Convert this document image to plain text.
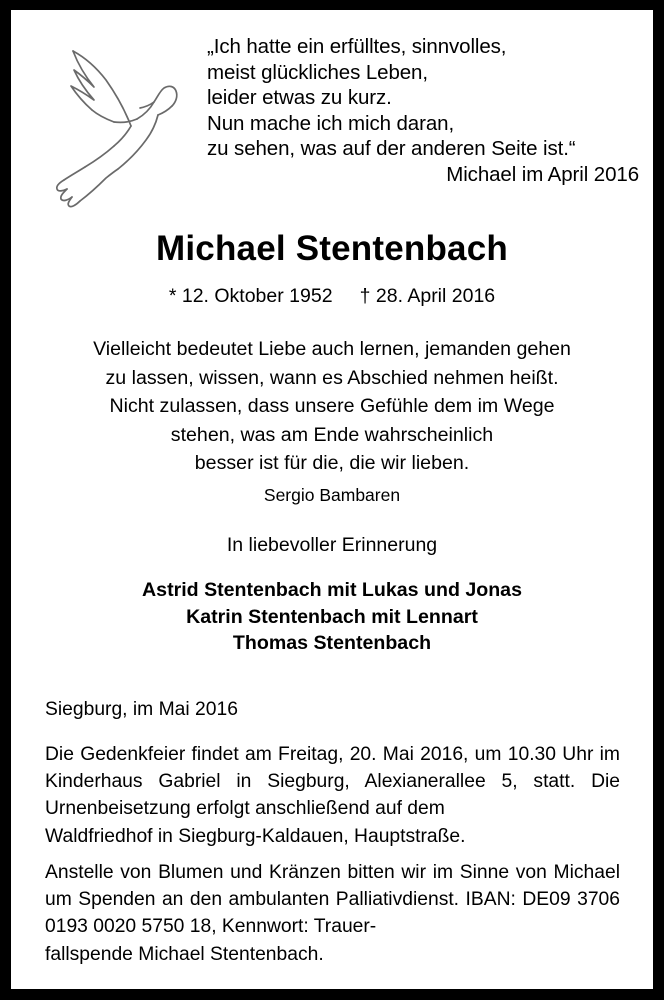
„Ich hatte ein erfülltes, sinnvolles,
meist glückliches Leben,
leider etwas zu kurz.
Nun mache ich mich daran,
zu sehen, was auf der anderen Seite ist.“
Michael im April 2016
Michael Stentenbach
* 12. Oktober 1952     † 28. April 2016
Vielleicht bedeutet Liebe auch lernen, jemanden gehen
zu lassen, wissen, wann es Abschied nehmen heißt.
Nicht zulassen, dass unsere Gefühle dem im Wege
stehen, was am Ende wahrscheinlich
besser ist für die, die wir lieben.
Sergio Bambaren
In liebevoller Erinnerung
Astrid Stentenbach mit Lukas und Jonas
Katrin Stentenbach mit Lennart
Thomas Stentenbach
Siegburg, im Mai 2016
Die Gedenkfeier findet am Freitag, 20. Mai 2016, um 10.30 Uhr im Kinderhaus Gabriel in Siegburg, Alexianerallee 5, statt. Die Urnenbeisetzung erfolgt anschließend auf dem
Waldfriedhof in Siegburg-Kaldauen, Hauptstraße.
Anstelle von Blumen und Kränzen bitten wir im Sinne von Michael um Spenden an den ambulanten Palliativdienst. IBAN: DE09 3706 0193 0020 5750 18, Kennwort: Trauer-
fallspende Michael Stentenbach.
